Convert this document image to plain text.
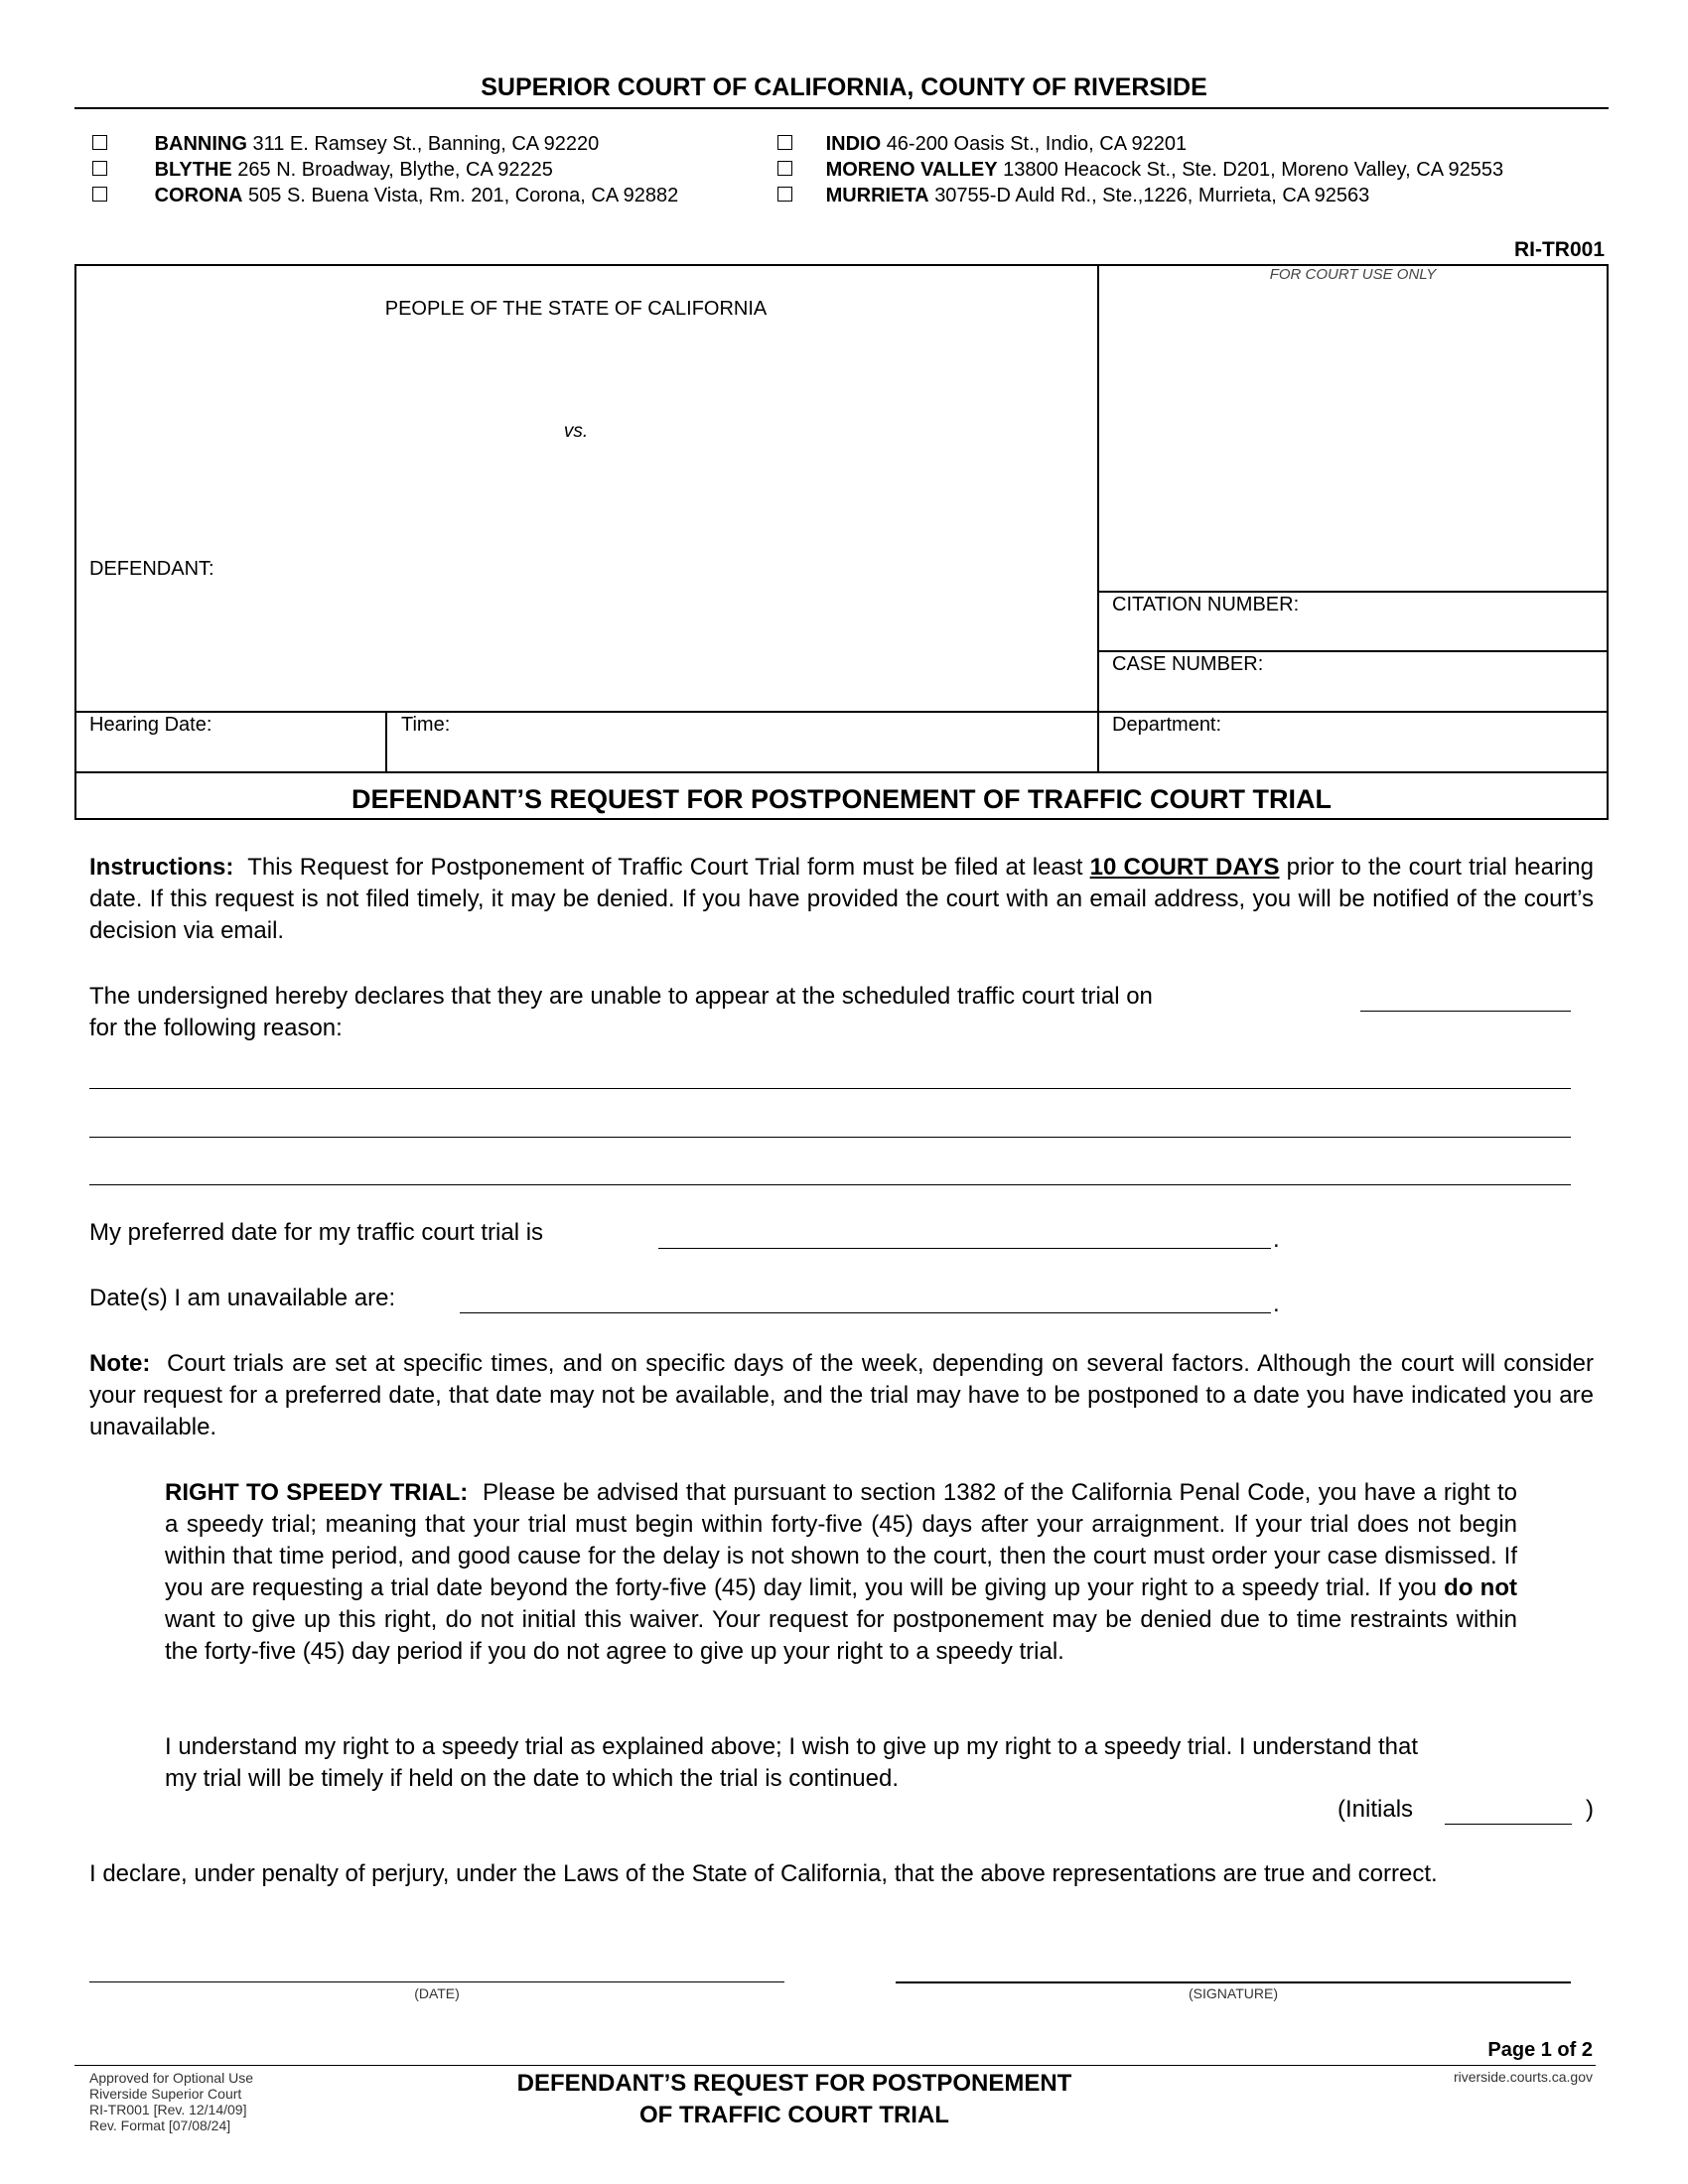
SUPERIOR COURT OF CALIFORNIA, COUNTY OF RIVERSIDE
BANNING 311 E. Ramsey St., Banning, CA 92220
BLYTHE 265 N. Broadway, Blythe, CA 92225
CORONA 505 S. Buena Vista, Rm. 201, Corona, CA 92882
INDIO 46-200 Oasis St., Indio, CA 92201
MORENO VALLEY 13800 Heacock St., Ste. D201, Moreno Valley, CA 92553
MURRIETA 30755-D Auld Rd., Ste.,1226, Murrieta, CA 92563
RI-TR001
PEOPLE OF THE STATE OF CALIFORNIA
vs.
DEFENDANT:
FOR COURT USE ONLY
CITATION NUMBER:
CASE NUMBER:
Hearing Date:	Time:	Department:
DEFENDANT’S REQUEST FOR POSTPONEMENT OF TRAFFIC COURT TRIAL
Instructions: This Request for Postponement of Traffic Court Trial form must be filed at least 10 COURT DAYS prior to the court trial hearing date. If this request is not filed timely, it may be denied. If you have provided the court with an email address, you will be notified of the court’s decision via email.
The undersigned hereby declares that they are unable to appear at the scheduled traffic court trial on
for the following reason:
My preferred date for my traffic court trial is	.
Date(s) I am unavailable are:	.
Note: Court trials are set at specific times, and on specific days of the week, depending on several factors. Although the court will consider your request for a preferred date, that date may not be available, and the trial may have to be postponed to a date you have indicated you are unavailable.
RIGHT TO SPEEDY TRIAL: Please be advised that pursuant to section 1382 of the California Penal Code, you have a right to a speedy trial; meaning that your trial must begin within forty-five (45) days after your arraignment. If your trial does not begin within that time period, and good cause for the delay is not shown to the court, then the court must order your case dismissed. If you are requesting a trial date beyond the forty-five (45) day limit, you will be giving up your right to a speedy trial. If you do not want to give up this right, do not initial this waiver. Your request for postponement may be denied due to time restraints within the forty-five (45) day period if you do not agree to give up your right to a speedy trial.
I understand my right to a speedy trial as explained above; I wish to give up my right to a speedy trial. I understand that my trial will be timely if held on the date to which the trial is continued.
(Initials	)
I declare, under penalty of perjury, under the Laws of the State of California, that the above representations are true and correct.
(DATE)	(SIGNATURE)
Page 1 of 2
Approved for Optional Use
Riverside Superior Court
RI-TR001 [Rev. 12/14/09]
Rev. Format [07/08/24]
DEFENDANT’S REQUEST FOR POSTPONEMENT
OF TRAFFIC COURT TRIAL
riverside.courts.ca.gov
